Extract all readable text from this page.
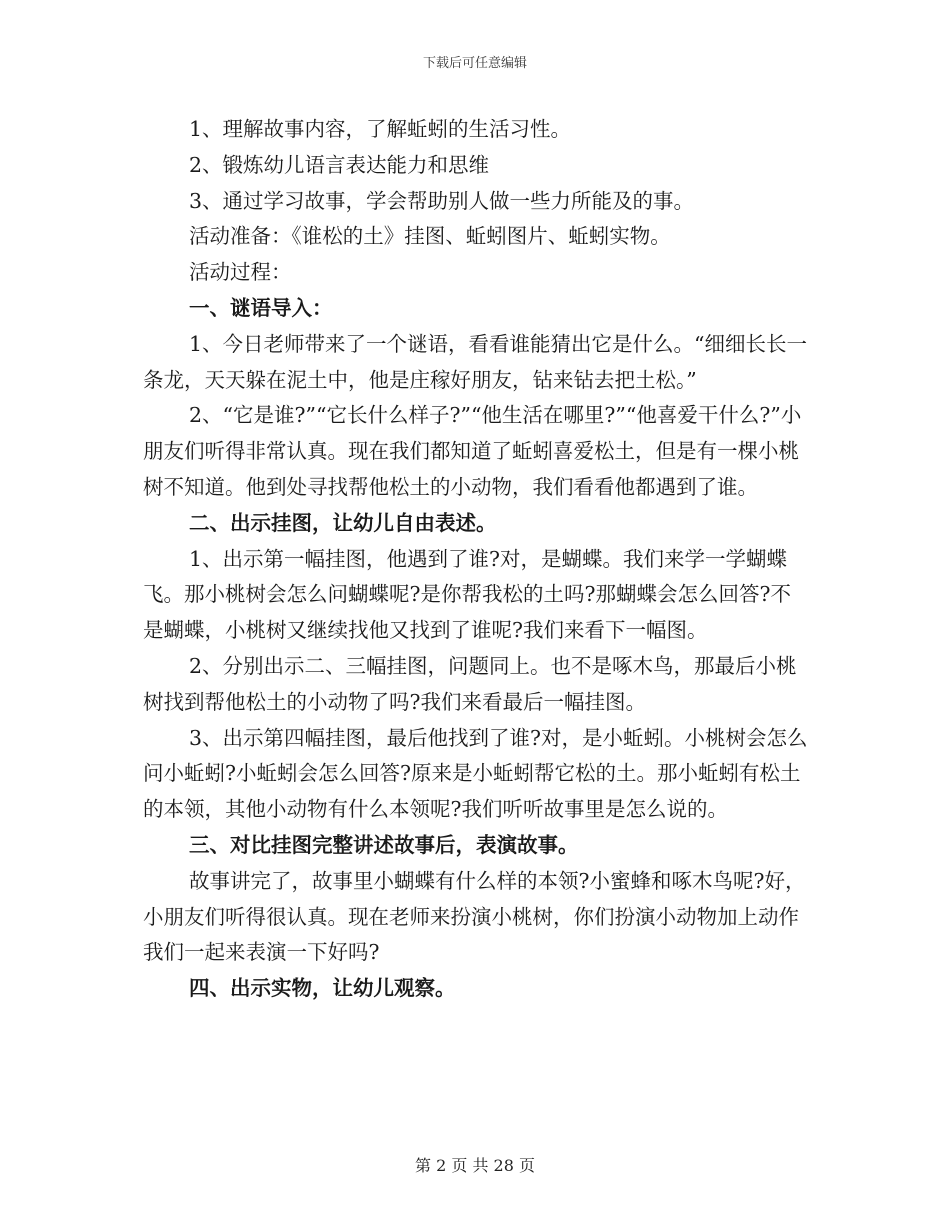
下载后可任意编辑

1、理解故事内容，了解蚯蚓的生活习性。

2、锻炼幼儿语言表达能力和思维

3、通过学习故事，学会帮助别人做一些力所能及的事。

活动准备：《谁松的土》挂图、蚯蚓图片、蚯蚓实物。

活动过程：

一、谜语导入：

1、今日老师带来了一个谜语，看看谁能猜出它是什么。“细细长长一条龙，天天躲在泥土中，他是庄稼好朋友，钻来钻去把土松。”

2、“它是谁?”“它长什么样子?”“他生活在哪里?”“他喜爱干什么?”小朋友们听得非常认真。现在我们都知道了蚯蚓喜爱松土，但是有一棵小桃树不知道。他到处寻找帮他松土的小动物，我们看看他都遇到了谁。

二、出示挂图，让幼儿自由表述。

1、出示第一幅挂图，他遇到了谁?对，是蝴蝶。我们来学一学蝴蝶飞。那小桃树会怎么问蝴蝶呢?是你帮我松的土吗?那蝴蝶会怎么回答?不是蝴蝶，小桃树又继续找他又找到了谁呢?我们来看下一幅图。

2、分别出示二、三幅挂图，问题同上。也不是啄木鸟，那最后小桃树找到帮他松土的小动物了吗?我们来看最后一幅挂图。

3、出示第四幅挂图，最后他找到了谁?对，是小蚯蚓。小桃树会怎么问小蚯蚓?小蚯蚓会怎么回答?原来是小蚯蚓帮它松的土。那小蚯蚓有松土的本领，其他小动物有什么本领呢?我们听听故事里是怎么说的。

三、对比挂图完整讲述故事后，表演故事。

故事讲完了，故事里小蝴蝶有什么样的本领?小蜜蜂和啄木鸟呢?好，小朋友们听得很认真。现在老师来扮演小桃树，你们扮演小动物加上动作我们一起来表演一下好吗?

四、出示实物，让幼儿观察。

第 2 页 共 28 页
